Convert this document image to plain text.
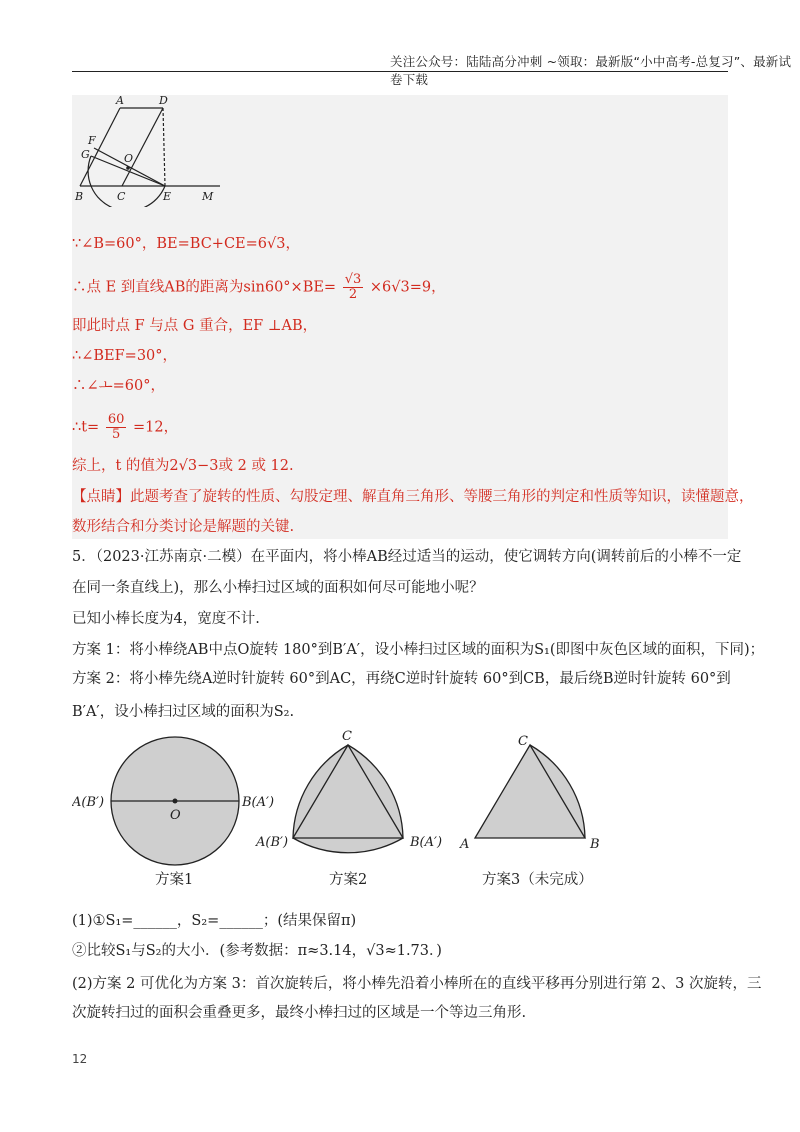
关注公众号：陆陆高分冲刺 ~领取：最新版“小中高考-总复习”、最新试卷下载
A	D
F
G	O
B	C	E	M
∵∠B=60°，BE=BC+CE=6√3，
∴点 E 到直线AB的距离为$\sin 60^\circ\times BE= \frac{√3}{2} \times 6√3=9$，
即此时点 F 与点 G 重合，EF ⊥AB，
∴∠BEF=30°，
∴∠ㅗ=60°，
∴t= $\frac{60}{5} =12$，
综上，t 的值为2√3−3或 2 或 12.
【点睛】此题考查了旋转的性质、勾股定理、解直角三角形、等腰三角形的判定和性质等知识，读懂题意，
数形结合和分类讨论是解题的关键.
5．（2023·江苏南京·二模）在平面内，将小棒AB经过适当的运动，使它调转方向(调转前后的小棒不一定
在同一条直线上)，那么小棒扫过区域的面积如何尽可能地小呢？
已知小棒长度为4，宽度不计.
方案 1：将小棒绕AB中点O旋转 180°到B′A′，设小棒扫过区域的面积为S₁(即图中灰色区域的面积，下同)；
方案 2：将小棒先绕A逆时针旋转 60°到AC，再绕C逆时针旋转 60°到CB，最后绕B逆时针旋转 60°到
B′A′，设小棒扫过区域的面积为S₂.
A(B′)	B(A′)
O
C
A(B′)	B(A′)
C
A	B
方案1	方案2	方案3（未完成）
(1)①S₁=______，S₂=______；(结果保留π)
②比较S₁与S₂的大小．(参考数据：π≈3.14，√3≈1.73．)
(2)方案 2 可优化为方案 3：首次旋转后，将小棒先沿着小棒所在的直线平移再分别进行第 2、3 次旋转，三
次旋转扫过的面积会重叠更多，最终小棒扫过的区域是一个等边三角形.
12
